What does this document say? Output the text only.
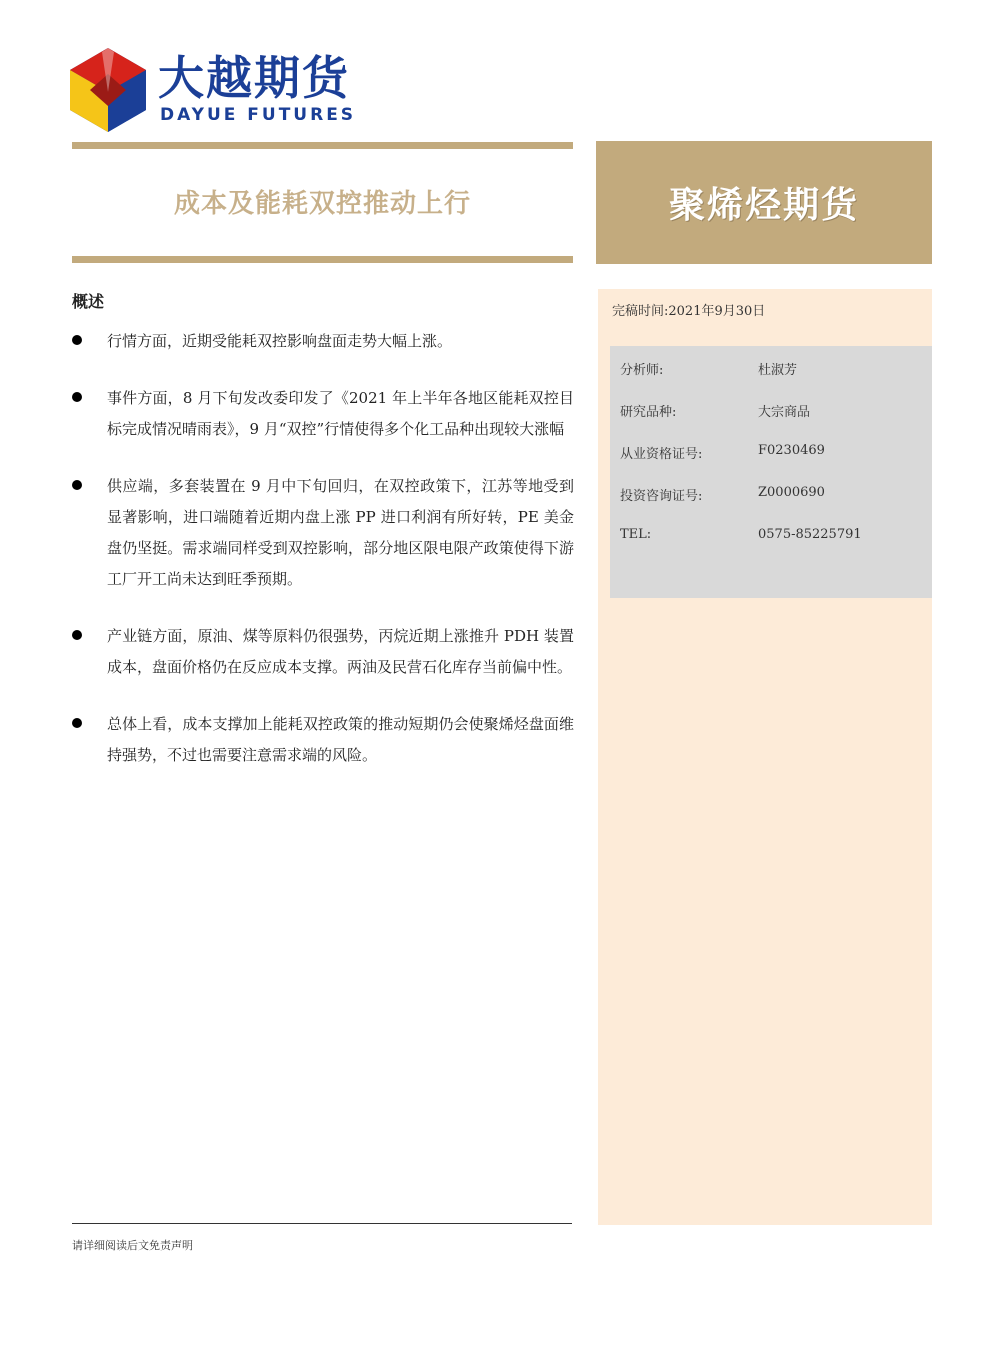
大越期货
DAYUE FUTURES
成本及能耗双控推动上行	聚烯烃期货
完稿时间:2021年9月30日
分析师:	杜淑芳
研究品种:	大宗商品
从业资格证号:	F0230469
投资咨询证号:	Z0000690
TEL:	0575-85225791
概述
行情方面，近期受能耗双控影响盘面走势大幅上涨。
事件方面，8 月下旬发改委印发了《2021 年上半年各地区能耗双控目标完成情况晴雨表》，9 月“双控”行情使得多个化工品种出现较大涨幅
供应端，多套装置在 9 月中下旬回归，在双控政策下，江苏等地受到显著影响，进口端随着近期内盘上涨 PP 进口利润有所好转，PE 美金盘仍坚挺。需求端同样受到双控影响，部分地区限电限产政策使得下游工厂开工尚未达到旺季预期。
产业链方面，原油、煤等原料仍很强势，丙烷近期上涨推升 PDH 装置成本，盘面价格仍在反应成本支撑。两油及民营石化库存当前偏中性。
总体上看，成本支撑加上能耗双控政策的推动短期仍会使聚烯烃盘面维持强势，不过也需要注意需求端的风险。
请详细阅读后文免责声明
